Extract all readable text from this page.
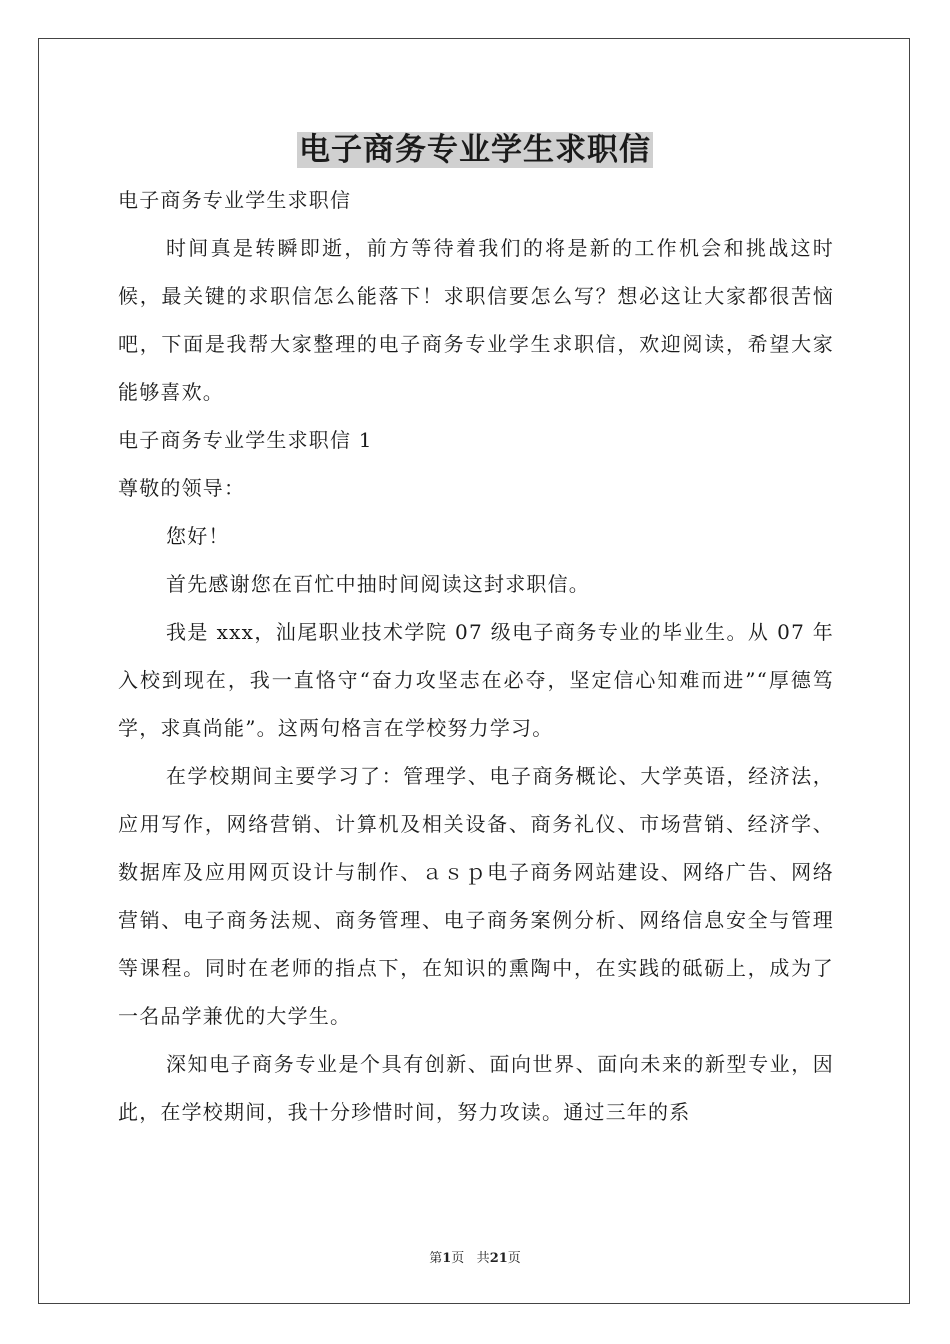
电子商务专业学生求职信

电子商务专业学生求职信

时间真是转瞬即逝，前方等待着我们的将是新的工作机会和挑战这时候，最关键的求职信怎么能落下！求职信要怎么写？想必这让大家都很苦恼吧，下面是我帮大家整理的电子商务专业学生求职信，欢迎阅读，希望大家能够喜欢。

电子商务专业学生求职信 1

尊敬的领导：

您好！

首先感谢您在百忙中抽时间阅读这封求职信。

我是 xxx，汕尾职业技术学院 07 级电子商务专业的毕业生。从 07 年入校到现在，我一直恪守“奋力攻坚志在必夺，坚定信心知难而进”“厚德笃学，求真尚能”。这两句格言在学校努力学习。

在学校期间主要学习了：管理学、电子商务概论、大学英语，经济法，应用写作，网络营销、计算机及相关设备、商务礼仪、市场营销、经济学、数据库及应用网页设计与制作、ａｓｐ电子商务网站建设、网络广告、网络营销、电子商务法规、商务管理、电子商务案例分析、网络信息安全与管理等课程。同时在老师的指点下，在知识的熏陶中，在实践的砥砺上，成为了一名品学兼优的大学生。

深知电子商务专业是个具有创新、面向世界、面向未来的新型专业，因此，在学校期间，我十分珍惜时间，努力攻读。通过三年的系

第1页 共21页
